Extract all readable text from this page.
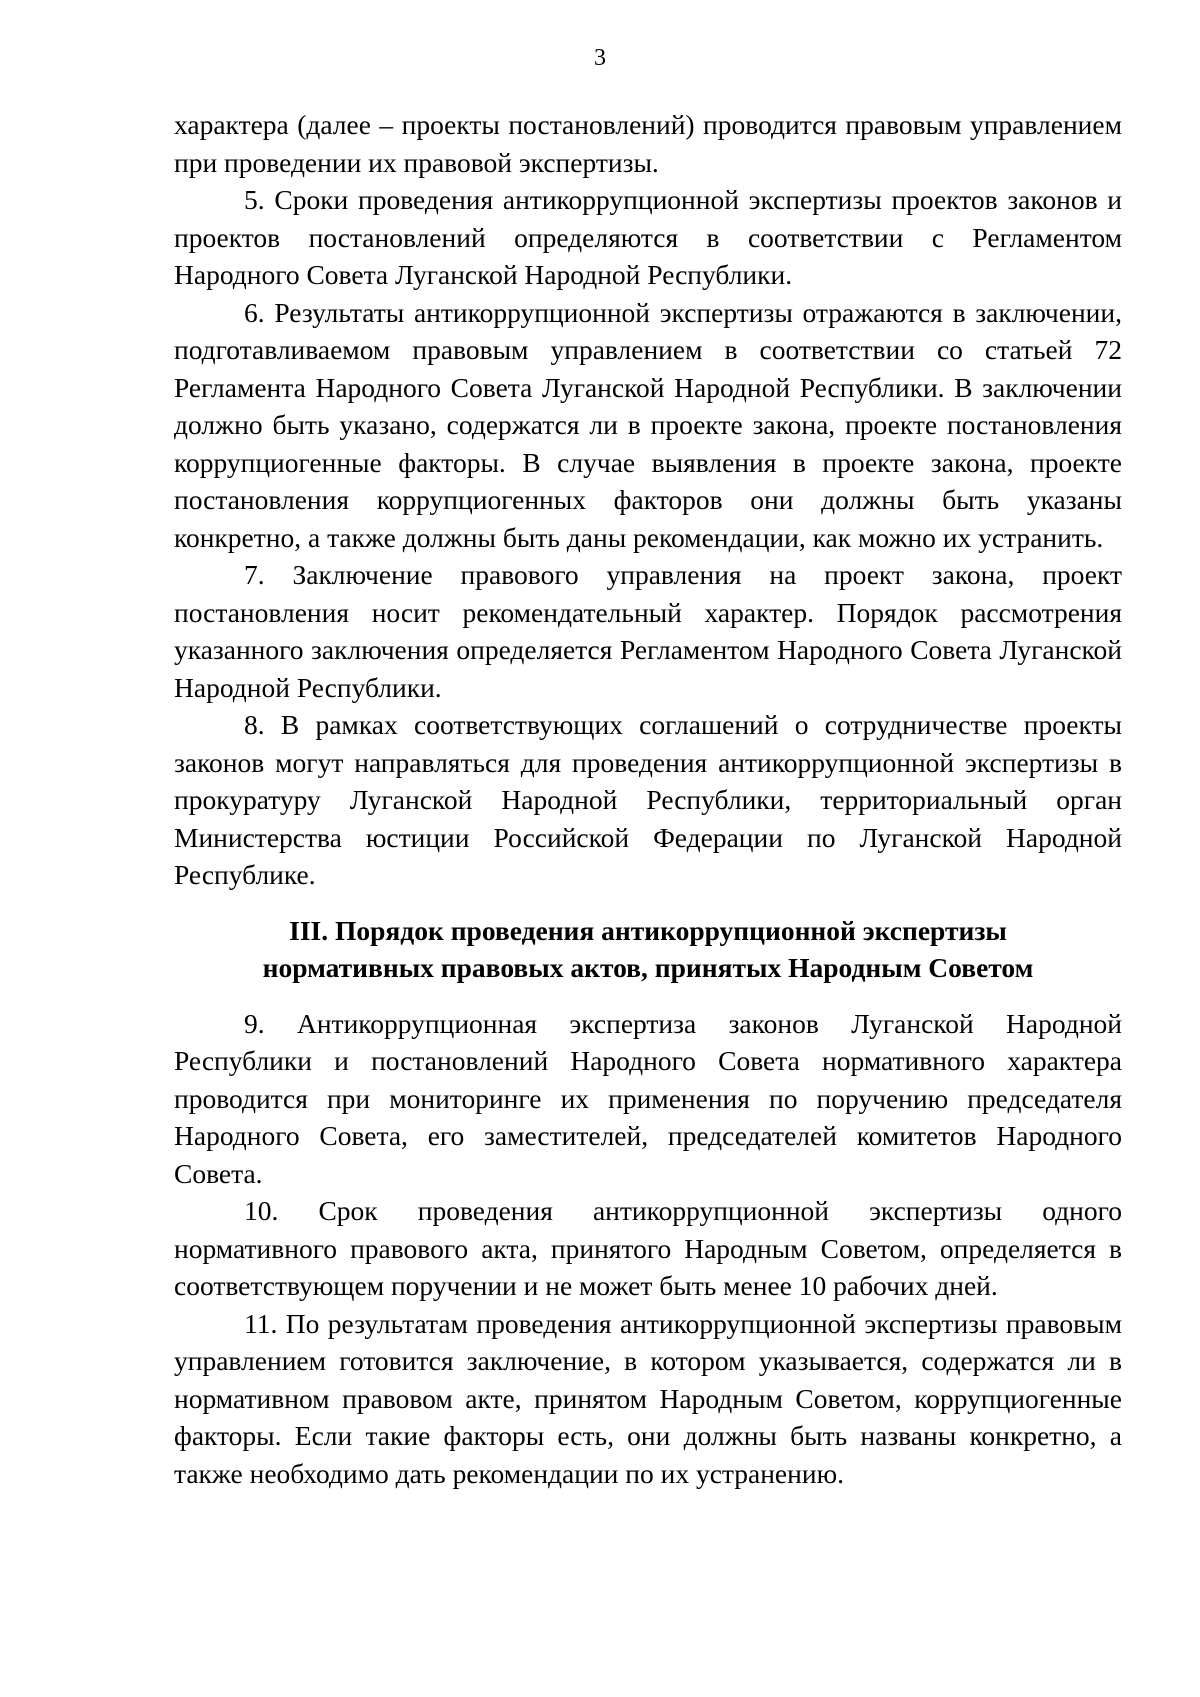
3

характера (далее – проекты постановлений) проводится правовым управлением при проведении их правовой экспертизы.

5. Сроки проведения антикоррупционной экспертизы проектов законов и проектов постановлений определяются в соответствии с Регламентом Народного Совета Луганской Народной Республики.

6. Результаты антикоррупционной экспертизы отражаются в заключении, подготавливаемом правовым управлением в соответствии со статьей 72 Регламента Народного Совета Луганской Народной Республики. В заключении должно быть указано, содержатся ли в проекте закона, проекте постановления коррупциогенные факторы. В случае выявления в проекте закона, проекте постановления коррупциогенных факторов они должны быть указаны конкретно, а также должны быть даны рекомендации, как можно их устранить.

7. Заключение правового управления на проект закона, проект постановления носит рекомендательный характер. Порядок рассмотрения указанного заключения определяется Регламентом Народного Совета Луганской Народной Республики.

8. В рамках соответствующих соглашений о сотрудничестве проекты законов могут направляться для проведения антикоррупционной экспертизы в прокуратуру Луганской Народной Республики, территориальный орган Министерства юстиции Российской Федерации по Луганской Народной Республике.

III. Порядок проведения антикоррупционной экспертизы
нормативных правовых актов, принятых Народным Советом

9. Антикоррупционная экспертиза законов Луганской Народной Республики и постановлений Народного Совета нормативного характера проводится при мониторинге их применения по поручению председателя Народного Совета, его заместителей, председателей комитетов Народного Совета.

10. Срок проведения антикоррупционной экспертизы одного нормативного правового акта, принятого Народным Советом, определяется в соответствующем поручении и не может быть менее 10 рабочих дней.

11. По результатам проведения антикоррупционной экспертизы правовым управлением готовится заключение, в котором указывается, содержатся ли в нормативном правовом акте, принятом Народным Советом, коррупциогенные факторы. Если такие факторы есть, они должны быть названы конкретно, а также необходимо дать рекомендации по их устранению.
